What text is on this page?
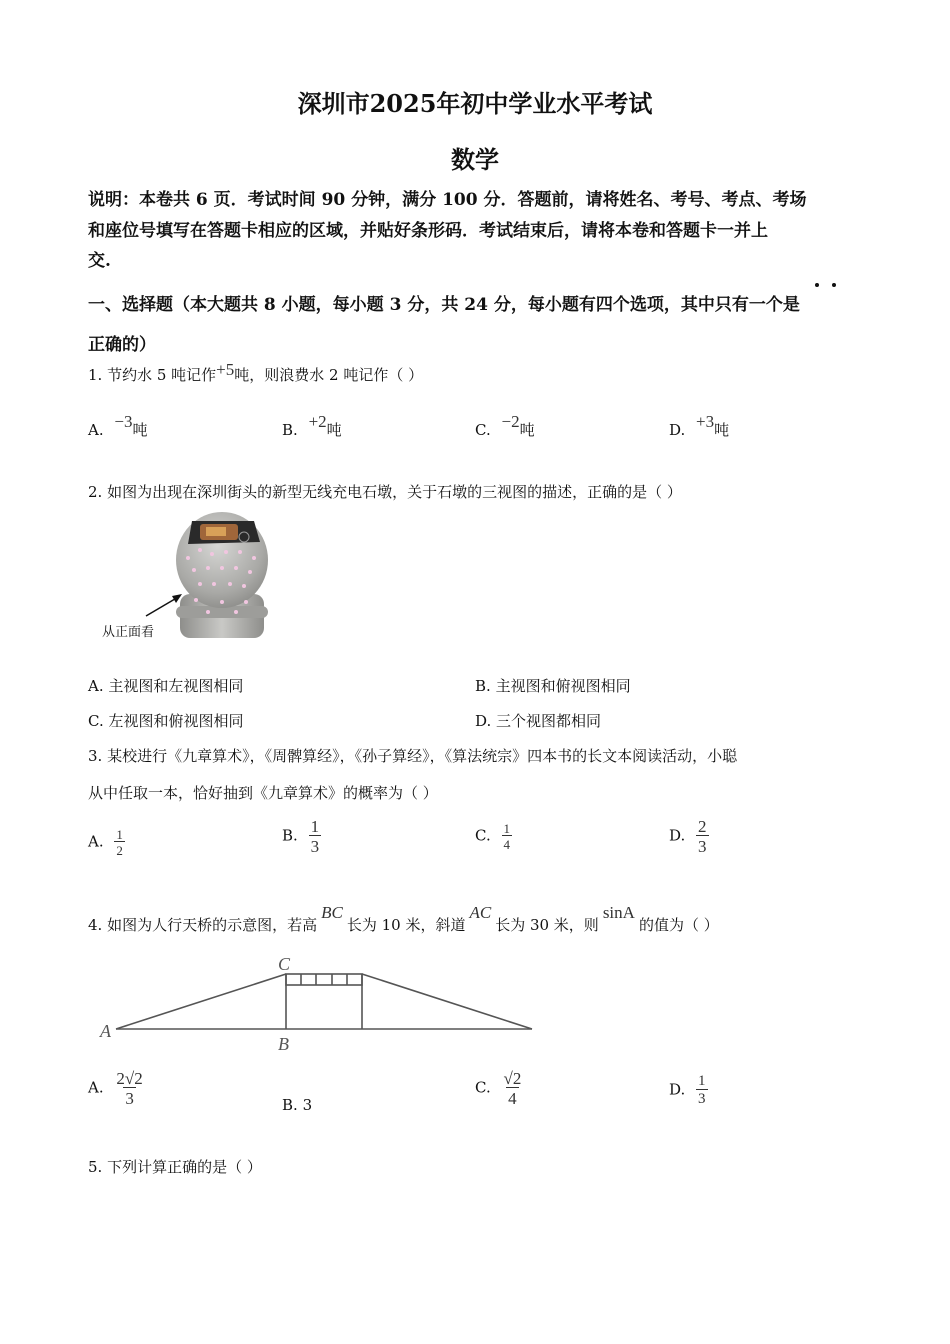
深圳市2025年初中学业水平考试
数学
说明：本卷共 6 页．考试时间 90 分钟，满分 100 分．答题前，请将姓名、考号、考点、考场
和座位号填写在答题卡相应的区域，并贴好条形码．考试结束后，请将本卷和答题卡一并上
交.
一、选择题（本大题共 8 小题，每小题 3 分，共 24 分，每小题有四个选项，其中只有一个是
正确的）
1. 节约水 5 吨记作+5吨，则浪费水 2 吨记作（ ）
A. −3吨	B. +2吨	C. −2吨	D. +3吨
2. 如图为出现在深圳街头的新型无线充电石墩，关于石墩的三视图的描述，正确的是（ ）
从正面看
A. 主视图和左视图相同	B. 主视图和俯视图相同
C. 左视图和俯视图相同	D. 三个视图都相同
3. 某校进行《九章算术》，《周髀算经》，《孙子算经》，《算法统宗》四本书的长文本阅读活动，小聪
从中任取一本，恰好抽到《九章算术》的概率为（ ）
A. $\frac{1}{2}$	B. $\frac{1}{3}$	C. $\frac{1}{4}$	D. $\frac{2}{3}$
4. 如图为人行天桥的示意图，若高BC长为 10 米，斜道AC长为 30 米，则sinA的值为（ ）
A
B
C
A. $\frac{2√2}{3}$	B. 3
C. $\frac{√2}{4}$	D. $\frac{1}{3}$
5. 下列计算正确的是（ ）
